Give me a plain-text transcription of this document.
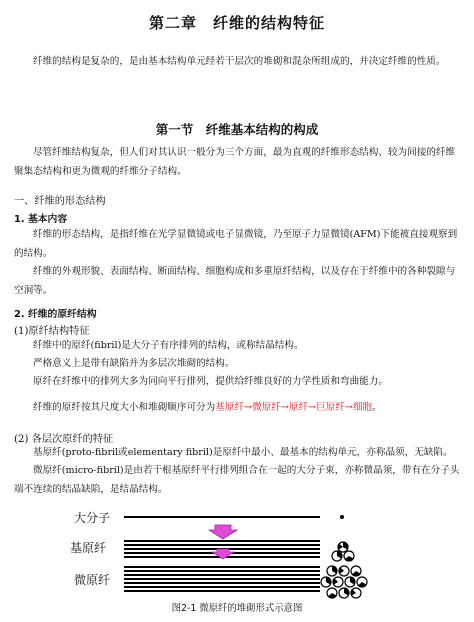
第二章　纤维的结构特征

纤维的结构是复杂的，是由基本结构单元经若干层次的堆砌和混杂所组成的，并决定纤维的性质。

第一节　纤维基本结构的构成

尽管纤维结构复杂，但人们对其认识一般分为三个方面，最为直观的纤维形态结构、较为间接的纤维聚集态结构和更为微观的纤维分子结构。

一、纤维的形态结构

1. 基本内容

纤维的形态结构，是指纤维在光学显微镜或电子显微镜，乃至原子力显微镜(AFM)下能被直接观察到的结构。

纤维的外观形貌、表面结构、断面结构、细胞构成和多重原纤结构，以及存在于纤维中的各种裂隙与空洞等。

2. 纤维的原纤结构

(1)原纤结构特征

纤维中的原纤(fibril)是大分子有序排列的结构，或称结晶结构。

严格意义上是带有缺陷并为多层次堆砌的结构。

原纤在纤维中的排列大多为同向平行排列，提供给纤维良好的力学性质和弯曲能力。

纤维的原纤按其尺度大小和堆砌顺序可分为基原纤→微原纤→原纤→巨原纤→细胞。

(2) 各层次原纤的特征

基原纤(proto-fibril或elementary fibril)是原纤中最小、最基本的结构单元，亦称晶须，无缺陷。

微原纤(micro-fibril)是由若干根基原纤平行排列组合在一起的大分子束，亦称微晶须，带有在分子头端不连续的结晶缺陷，是结晶结构。

大分子
基原纤
微原纤
图2-1 微原纤的堆砌形式示意图
